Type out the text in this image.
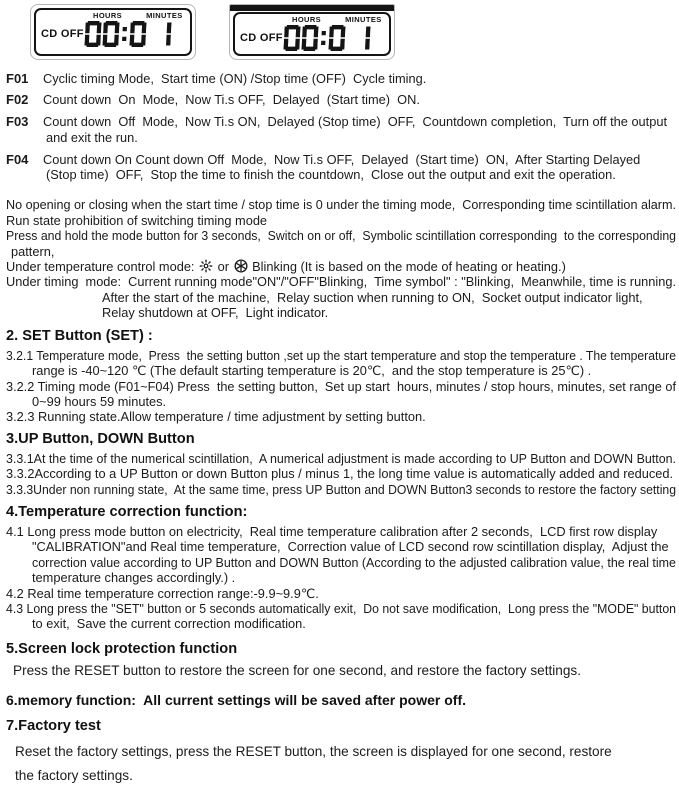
HOURS	MINUTES
CD OFF
HOURS	MINUTES
CD OFF
F01 Cyclic timing Mode,  Start time (ON) /Stop time (OFF)  Cycle timing.
F02 Count down  On  Mode,  Now Ti.s OFF,  Delayed  (Start time)  ON.
F03 Count down  Off  Mode,  Now Ti.s ON,  Delayed (Stop time)  OFF,  Countdown completion,  Turn off the output
and exit the run.
F04 Count down On Count down Off  Mode,  Now Ti.s OFF,  Delayed  (Start time)  ON,  After Starting Delayed
(Stop time)  OFF,  Stop the time to finish the countdown,  Close out the output and exit the operation.
No opening or closing when the start time / stop time is 0 under the timing mode,  Corresponding time scintillation alarm.
Run state prohibition of switching timing mode
Press and hold the mode button for 3 seconds,  Switch on or off,  Symbolic scintillation corresponding  to the corresponding
pattern,
Under temperature control mode:  or  Blinking (It is based on the mode of heating or heating.)
Under timing  mode:  Current running mode"ON"/"OFF"Blinking,  Time symbol" : "Blinking,  Meanwhile, time is running.
After the start of the machine,  Relay suction when running to ON,  Socket output indicator light,
Relay shutdown at OFF,  Light indicator.
2. SET Button (SET) :
3.2.1 Temperature mode,  Press  the setting button ,set up the start temperature and stop the temperature . The temperature
range is -40~120 ℃ (The default starting temperature is 20℃,  and the stop temperature is 25℃) .
3.2.2 Timing mode (F01~F04) Press  the setting button,  Set up start  hours, minutes / stop hours, minutes, set range of
0~99 hours 59 minutes.
3.2.3 Running state.Allow temperature / time adjustment by setting button.
3.UP Button, DOWN Button
3.3.1At the time of the numerical scintillation,  A numerical adjustment is made according to UP Button and DOWN Button.
3.3.2According to a UP Button or down Button plus / minus 1, the long time value is automatically added and reduced.
3.3.3Under non running state,  At the same time, press UP Button and DOWN Button3 seconds to restore the factory setting
4.Temperature correction function:
4.1 Long press mode button on electricity,  Real time temperature calibration after 2 seconds,  LCD first row display
"CALIBRATION"and Real time temperature,  Correction value of LCD second row scintillation display,  Adjust the
correction value according to UP Button and DOWN Button (According to the adjusted calibration value, the real time
temperature changes accordingly.) .
4.2 Real time temperature correction range:-9.9~9.9℃.
4.3 Long press the "SET" button or 5 seconds automatically exit,  Do not save modification,  Long press the "MODE" button
to exit,  Save the current correction modification.
5.Screen lock protection function
Press the RESET button to restore the screen for one second, and restore the factory settings.
6.memory function:  All current settings will be saved after power off.
7.Factory test
Reset the factory settings, press the RESET button, the screen is displayed for one second, restore
the factory settings.
